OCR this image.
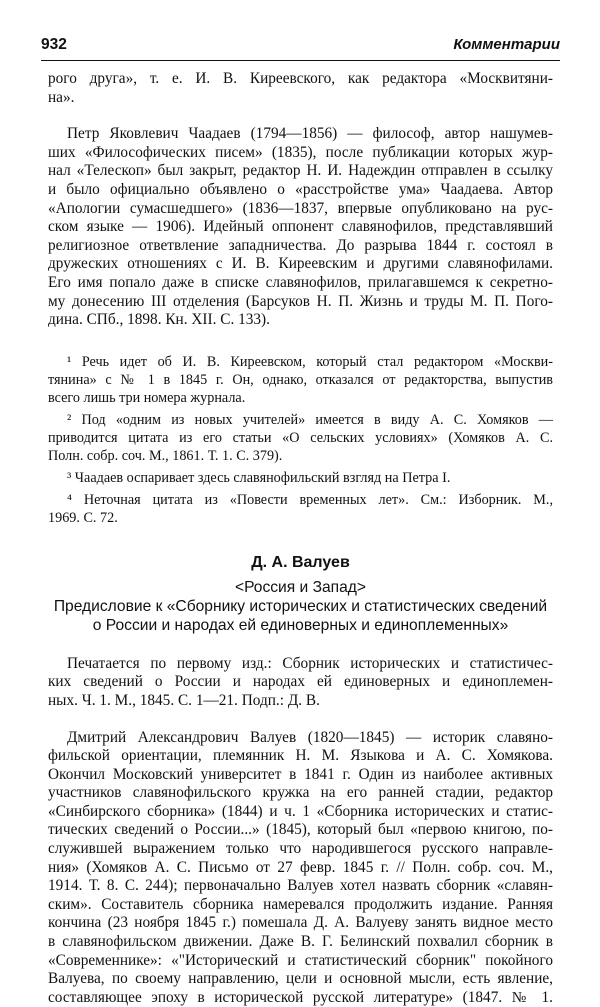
932	Комментарии
рого друга», т. е. И. В. Киреевского, как редактора «Москвитяни-
на».
Петр Яковлевич Чаадаев (1794—1856) — философ, автор нашумев-
ших «Философических писем» (1835), после публикации которых жур-
нал «Телескоп» был закрыт, редактор Н. И. Надеждин отправлен в ссылку
и было официально объявлено о «расстройстве ума» Чаадаева. Автор
«Апологии сумасшедшего» (1836—1837, впервые опубликовано на рус-
ском языке — 1906). Идейный оппонент славянофилов, представлявший
религиозное ответвление западничества. До разрыва 1844 г. состоял в
дружеских отношениях с И. В. Киреевским и другими славянофилами.
Его имя попало даже в списке славянофилов, прилагавшемся к секретно-
му донесению III отделения (Барсуков Н. П. Жизнь и труды М. П. Пого-
дина. СПб., 1898. Кн. XII. С. 133).
¹ Речь идет об И. В. Киреевском, который стал редактором «Москви-
тянина» с № 1 в 1845 г. Он, однако, отказался от редакторства, выпустив
всего лишь три номера журнала.
² Под «одним из новых учителей» имеется в виду А. С. Хомяков —
приводится цитата из его статьи «О сельских условиях» (Хомяков А. С.
Полн. собр. соч. М., 1861. Т. 1. С. 379).
³ Чаадаев оспаривает здесь славянофильский взгляд на Петра I.
⁴ Неточная цитата из «Повести временных лет». См.: Изборник. М.,
1969. С. 72.
Д. А. Валуев
<Россия и Запад>
Предисловие к «Сборнику исторических и статистических сведений
о России и народах ей единоверных и единоплеменных»
Печатается по первому изд.: Сборник исторических и статистичес-
ких сведений о России и народах ей единоверных и единоплемен-
ных. Ч. 1. М., 1845. С. 1—21. Подп.: Д. В.
Дмитрий Александрович Валуев (1820—1845) — историк славяно-
фильской ориентации, племянник Н. М. Языкова и А. С. Хомякова.
Окончил Московский университет в 1841 г. Один из наиболее активных
участников славянофильского кружка на его ранней стадии, редактор
«Синбирского сборника» (1844) и ч. 1 «Сборника исторических и статис-
тических сведений о России...» (1845), который был «первою книгою, по-
служившей выражением только что народившегося русского направле-
ния» (Хомяков А. С. Письмо от 27 февр. 1845 г. // Полн. собр. соч. М.,
1914. Т. 8. С. 244); первоначально Валуев хотел назвать сборник «славян-
ским». Составитель сборника намеревался продолжить издание. Ранняя
кончина (23 ноября 1845 г.) помешала Д. А. Валуеву занять видное место
в славянофильском движении. Даже В. Г. Белинский похвалил сборник в
«Современнике»: «"Исторический и статистический сборник" покойного
Валуева, по своему направлению, цели и основной мысли, есть явление,
составляющее эпоху в исторической русской литературе» (1847. № 1.
